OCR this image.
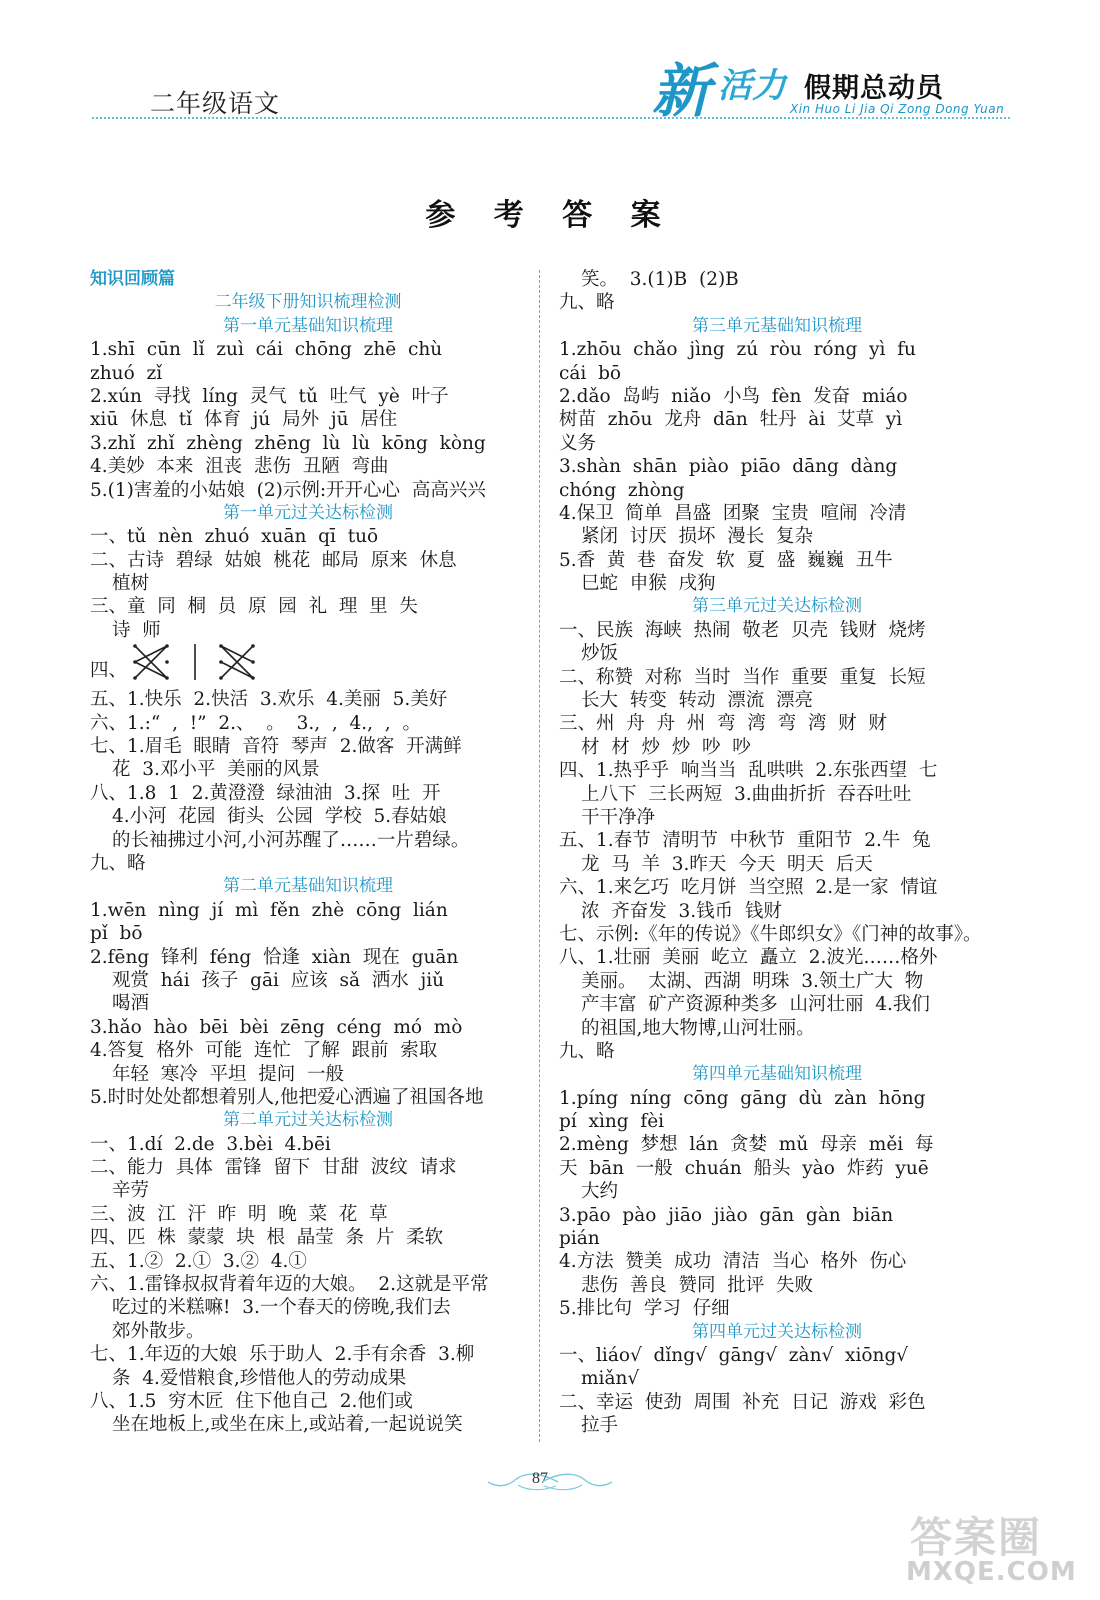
二年级语文	新 活力 假期总动员
Xin Huo Li Jia Qi Zong Dong Yuan
参 考 答 案
知识回顾篇
二年级下册知识梳理检测
第一单元基础知识梳理
1.shī  cūn  lǐ  zuì  cái  chōng  zhē  chù
zhuó  zǐ
2.xún  寻找  líng  灵气  tǔ  吐气  yè  叶子
xiū  休息  tǐ  体育  jú  局外  jū  居住
3.zhǐ  zhǐ  zhèng  zhēng  lù  lù  kōng  kòng
4.美妙  本来  沮丧  悲伤  丑陋  弯曲
5.(1)害羞的小姑娘  (2)示例:开开心心  高高兴兴
第一单元过关达标检测
一、tǔ  nèn  zhuó  xuān  qī  tuō
二、古诗  碧绿  姑娘  桃花  邮局  原来  休息
植树
三、童  同  桐  员  原  园  礼  理  里  失
诗  师
四、
五、1.快乐  2.快活  3.欢乐  4.美丽  5.美好
六、1.:“  ,  !”  2.、  。  3.,  ,  4.,  ,  。
七、1.眉毛  眼睛  音符  琴声  2.做客  开满鲜
花  3.邓小平  美丽的风景
八、1.8  1  2.黄澄澄  绿油油  3.探  吐  开
4.小河  花园  街头  公园  学校  5.春姑娘
的长袖拂过小河,小河苏醒了……一片碧绿。
九、略
第二单元基础知识梳理
1.wēn  nìng  jí  mì  fěn  zhè  cōng  lián
pǐ  bō
2.fēng  锋利  féng  恰逢  xiàn  现在  guān
观赏  hái  孩子  gāi  应该  sǎ  洒水  jiǔ
喝酒
3.hǎo  hào  bēi  bèi  zēng  céng  mó  mò
4.答复  格外  可能  连忙  了解  跟前  索取
年轻  寒冷  平坦  提问  一般
5.时时处处都想着别人,他把爱心洒遍了祖国各地
第二单元过关达标检测
一、1.dí  2.de  3.bèi  4.bēi
二、能力  具体  雷锋  留下  甘甜  波纹  请求
辛劳
三、波  江  汗  昨  明  晚  菜  花  草
四、匹  株  蒙蒙  块  根  晶莹  条  片  柔软
五、1.②  2.①  3.②  4.①
六、1.雷锋叔叔背着年迈的大娘。  2.这就是平常
吃过的米糕嘛!  3.一个春天的傍晚,我们去
郊外散步。
七、1.年迈的大娘  乐于助人  2.手有余香  3.柳
条  4.爱惜粮食,珍惜他人的劳动成果
八、1.5  穷木匠  住下他自己  2.他们或
坐在地板上,或坐在床上,或站着,一起说说笑
笑。  3.(1)B  (2)B
九、略
第三单元基础知识梳理
1.zhōu  chǎo  jìng  zú  ròu  róng  yì  fu
cái  bō
2.dǎo  岛屿  niǎo  小鸟  fèn  发奋  miáo
树苗  zhōu  龙舟  dān  牡丹  ài  艾草  yì
义务
3.shàn  shān  piào  piāo  dāng  dàng
chóng  zhòng
4.保卫  简单  昌盛  团聚  宝贵  喧闹  冷清
紧闭  讨厌  损坏  漫长  复杂
5.香  黄  巷  奋发  软  夏  盛  巍巍  丑牛
巳蛇  申猴  戌狗
第三单元过关达标检测
一、民族  海峡  热闹  敬老  贝壳  钱财  烧烤
炒饭
二、称赞  对称  当时  当作  重要  重复  长短
长大  转变  转动  漂流  漂亮
三、州  舟  舟  州  弯  湾  弯  湾  财  财
材  材  炒  炒  吵  吵
四、1.热乎乎  响当当  乱哄哄  2.东张西望  七
上八下  三长两短  3.曲曲折折  吞吞吐吐
干干净净
五、1.春节  清明节  中秋节  重阳节  2.牛  兔
龙  马  羊  3.昨天  今天  明天  后天
六、1.来乞巧  吃月饼  当空照  2.是一家  情谊
浓  齐奋发  3.钱币  钱财
七、示例:《年的传说》《牛郎织女》《门神的故事》。
八、1.壮丽  美丽  屹立  矗立  2.波光……格外
美丽。  太湖、西湖  明珠  3.领土广大  物
产丰富  矿产资源种类多  山河壮丽  4.我们
的祖国,地大物博,山河壮丽。
九、略
第四单元基础知识梳理
1.píng  níng  cōng  gāng  dù  zàn  hōng
pí  xìng  fèi
2.mèng  梦想  lán  贪婪  mǔ  母亲  měi  每
天  bān  一般  chuán  船头  yào  炸药  yuē
大约
3.pāo  pào  jiāo  jiào  gān  gàn  biān
pián
4.方法  赞美  成功  清洁  当心  格外  伤心
悲伤  善良  赞同  批评  失败
5.排比句  学习  仔细
第四单元过关达标检测
一、liáo√  dǐng√  gāng√  zàn√  xiōng√
miǎn√
二、幸运  使劲  周围  补充  日记  游戏  彩色
拉手
87
答案圈
MXQE.COM
